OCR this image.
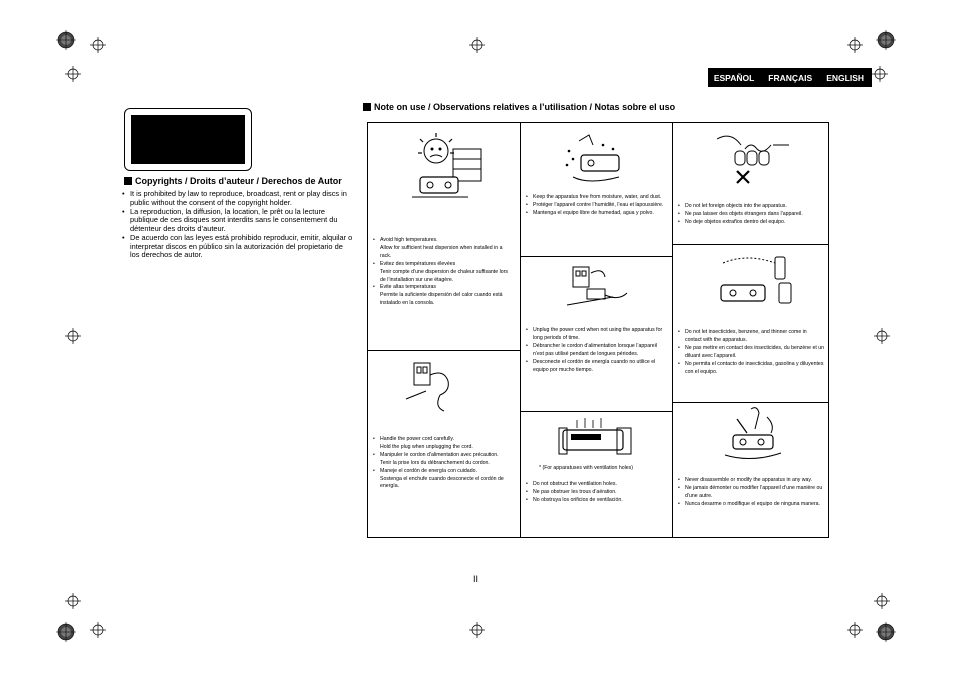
ESPAÑOL FRANÇAIS ENGLISH
Copyrights / Droits d’auteur / Derechos de Autor
• It is prohibited by law to reproduce, broadcast, rent or play discs in public without the consent of the copyright holder.
• La reproduction, la diffusion, la location, le prêt ou la lecture publique de ces disques sont interdits sans le consentement du détenteur des droits d’auteur.
• De acuerdo con las leyes está prohibido reproducir, emitir, alquilar o interpretar discos en público sin la autorización del propietario de los derechos de autor.
Note on use / Observations relatives a l’utilisation / Notas sobre el uso
• Avoid high temperatures.
Allow for sufficient heat dispersion when installed in a rack.
• Evitez des températures élevées
Tenir compte d’une dispersion de chaleur suffisante lors de l’installation sur une étagère.
• Evite altas temperaturas
Permite la suficiente dispersión del calor cuando está instalado en la consola.
• Keep the apparatus free from moisture, water, and dust.
• Protéger l’appareil contre l’humidité, l’eau et lapoussière.
• Mantenga el equipo libre de humedad, agua y polvo.
• Do not let foreign objects into the apparatus.
• Ne pas laisser des objets étrangers dans l’appareil.
• No deje objetos extraños dentro del equipo.
• Unplug the power cord when not using the apparatus for long periods of time.
• Débrancher le cordon d’alimentation lorsque l’appareil n’est pas utilisé pendant de longues périodes.
• Desconecte el cordón de energía cuando no utilice el equipo por mucho tiempo.
• Do not let insecticides, benzene, and thinner come in contact with the apparatus.
• Ne pas mettre en contact des insecticides, du benzène et un diluant avec l’appareil.
• No permita el contacto de insecticidas, gasolina y diluyentes con el equipo.
• Handle the power cord carefully.
Hold the plug when unplugging the cord.
• Manipuler le cordon d’alimentation avec précaution.
Tenir la prise lors du débranchement du cordon.
• Maneje el cordón de energía con cuidado.
Sostenga el enchufe cuando desconecte el cordón de energía.
* (For apparatuses with ventilation holes)
• Do not obstruct the ventilation holes.
• Ne pas obstruer les trous d’aération.
• No obstruya los orificios de ventilación.
• Never disassemble or modify the apparatus in any way.
• Ne jamais démonter ou modifier l’appareil d’une manière ou d’une autre.
• Nunca desarme o modifique el equipo de ninguna manera.
II
